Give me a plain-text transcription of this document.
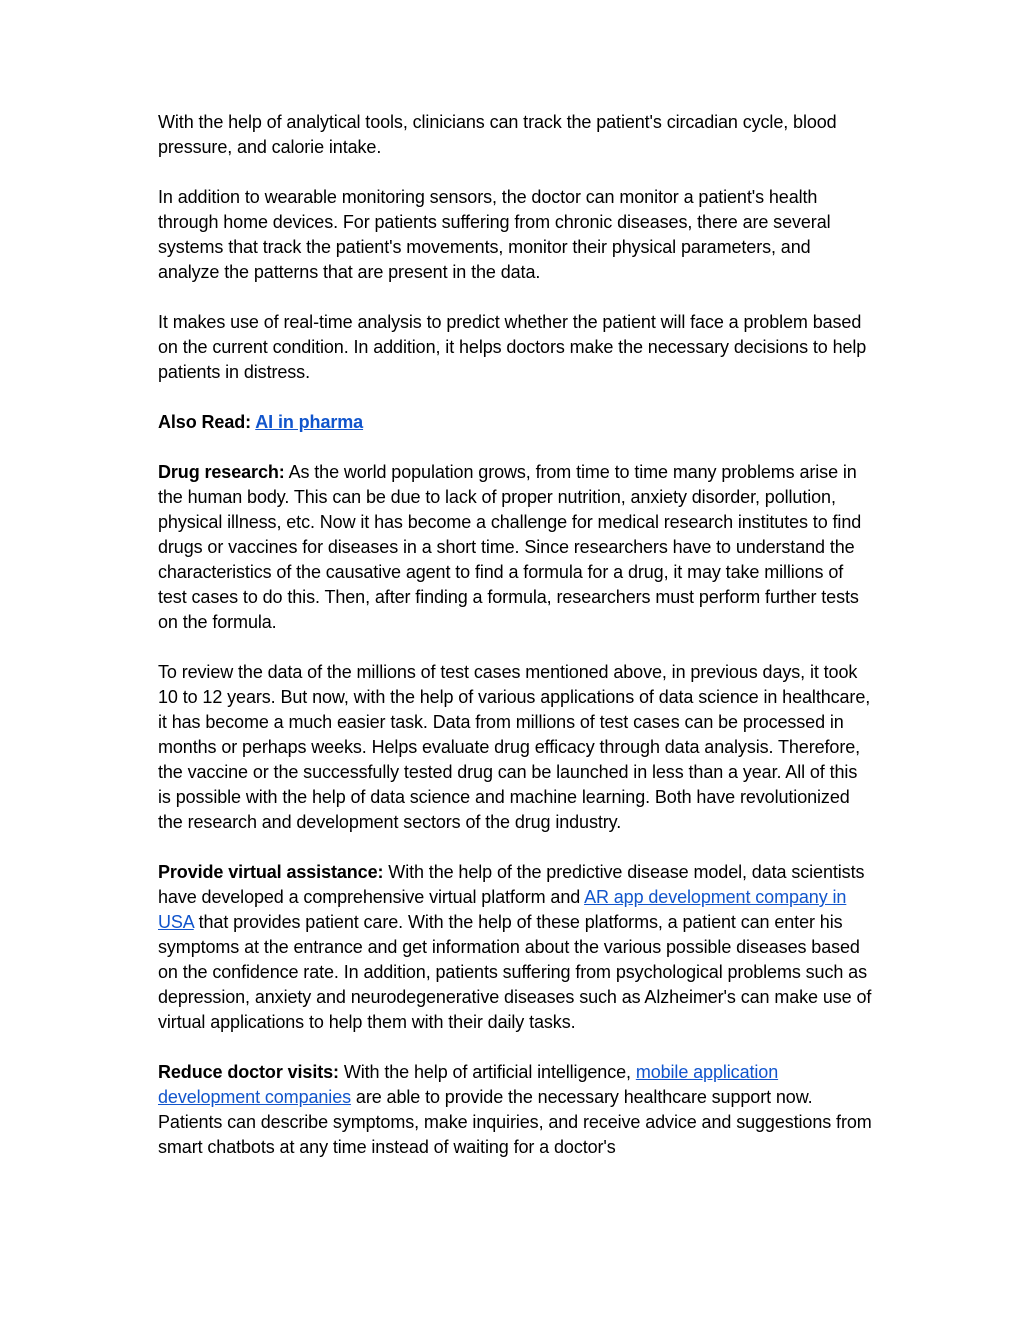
With the help of analytical tools, clinicians can track the patient's circadian cycle, blood pressure, and calorie intake.

In addition to wearable monitoring sensors, the doctor can monitor a patient's health through home devices. For patients suffering from chronic diseases, there are several systems that track the patient's movements, monitor their physical parameters, and analyze the patterns that are present in the data.

It makes use of real-time analysis to predict whether the patient will face a problem based on the current condition. In addition, it helps doctors make the necessary decisions to help patients in distress.

Also Read: AI in pharma

Drug research: As the world population grows, from time to time many problems arise in the human body. This can be due to lack of proper nutrition, anxiety disorder, pollution, physical illness, etc. Now it has become a challenge for medical research institutes to find drugs or vaccines for diseases in a short time. Since researchers have to understand the characteristics of the causative agent to find a formula for a drug, it may take millions of test cases to do this. Then, after finding a formula, researchers must perform further tests on the formula.

To review the data of the millions of test cases mentioned above, in previous days, it took 10 to 12 years. But now, with the help of various applications of data science in healthcare, it has become a much easier task. Data from millions of test cases can be processed in months or perhaps weeks. Helps evaluate drug efficacy through data analysis. Therefore, the vaccine or the successfully tested drug can be launched in less than a year. All of this is possible with the help of data science and machine learning. Both have revolutionized the research and development sectors of the drug industry.

Provide virtual assistance: With the help of the predictive disease model, data scientists have developed a comprehensive virtual platform and AR app development company in USA that provides patient care. With the help of these platforms, a patient can enter his symptoms at the entrance and get information about the various possible diseases based on the confidence rate. In addition, patients suffering from psychological problems such as depression, anxiety and neurodegenerative diseases such as Alzheimer's can make use of virtual applications to help them with their daily tasks.

Reduce doctor visits: With the help of artificial intelligence, mobile application development companies are able to provide the necessary healthcare support now. Patients can describe symptoms, make inquiries, and receive advice and suggestions from smart chatbots at any time instead of waiting for a doctor's
